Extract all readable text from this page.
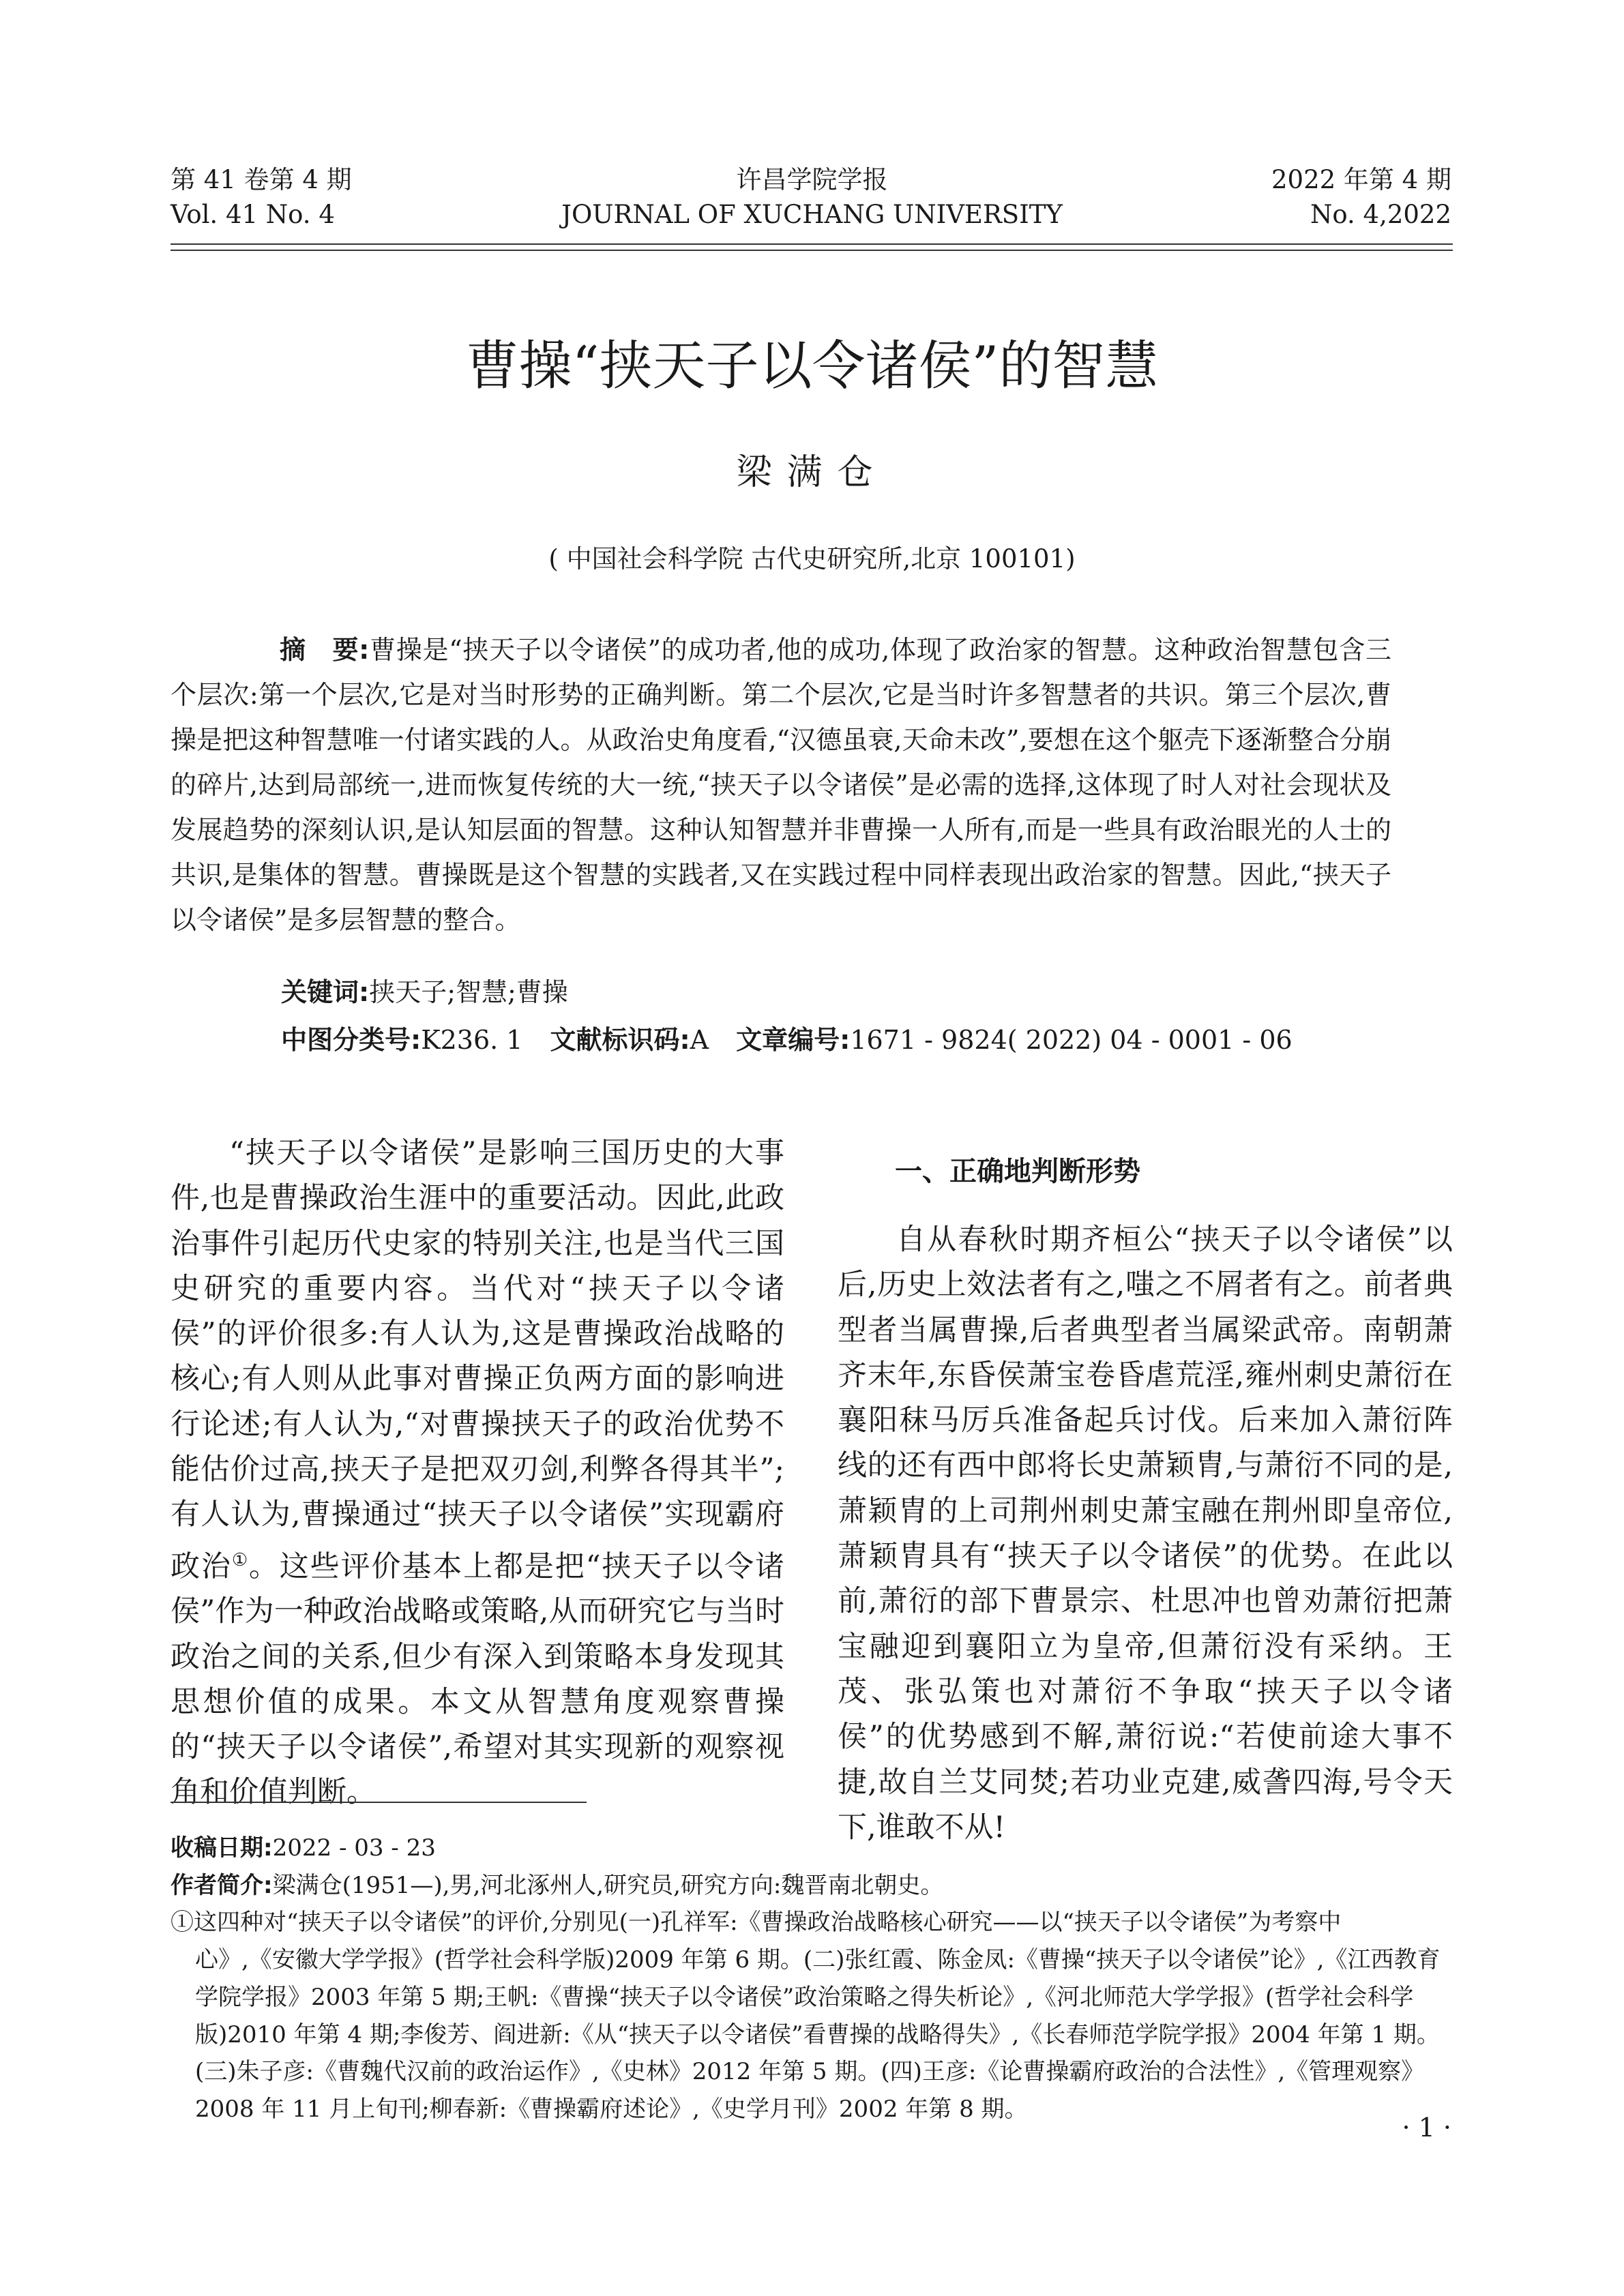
第 41 卷第 4 期
Vol. 41 No. 4
许昌学院学报
JOURNAL OF XUCHANG UNIVERSITY
2022 年第 4 期
No. 4,2022
曹操“挟天子以令诸侯”的智慧
梁满仓
( 中国社会科学院 古代史研究所,北京 100101)
摘　要:曹操是“挟天子以令诸侯”的成功者,他的成功,体现了政治家的智慧。这种政治智慧包含三个层次:第一个层次,它是对当时形势的正确判断。第二个层次,它是当时许多智慧者的共识。第三个层次,曹操是把这种智慧唯一付诸实践的人。从政治史角度看,“汉德虽衰,天命未改”,要想在这个躯壳下逐渐整合分崩的碎片,达到局部统一,进而恢复传统的大一统,“挟天子以令诸侯”是必需的选择,这体现了时人对社会现状及发展趋势的深刻认识,是认知层面的智慧。这种认知智慧并非曹操一人所有,而是一些具有政治眼光的人士的共识,是集体的智慧。曹操既是这个智慧的实践者,又在实践过程中同样表现出政治家的智慧。因此,“挟天子以令诸侯”是多层智慧的整合。
关键词:挟天子;智慧;曹操
中图分类号:K236. 1 文献标识码:A 文章编号:1671 - 9824( 2022) 04 - 0001 - 06

“挟天子以令诸侯”是影响三国历史的大事件,也是曹操政治生涯中的重要活动。因此,此政治事件引起历代史家的特别关注,也是当代三国史研究的重要内容。当代对“挟天子以令诸侯”的评价很多:有人认为,这是曹操政治战略的核心;有人则从此事对曹操正负两方面的影响进行论述;有人认为,“对曹操挟天子的政治优势不能估价过高,挟天子是把双刃剑,利弊各得其半”;有人认为,曹操通过“挟天子以令诸侯”实现霸府政治①。这些评价基本上都是把“挟天子以令诸侯”作为一种政治战略或策略,从而研究它与当时政治之间的关系,但少有深入到策略本身发现其思想价值的成果。本文从智慧角度观察曹操的“挟天子以令诸侯”,希望对其实现新的观察视角和价值判断。

一、正确地判断形势

自从春秋时期齐桓公“挟天子以令诸侯”以后,历史上效法者有之,嗤之不屑者有之。前者典型者当属曹操,后者典型者当属梁武帝。南朝萧齐末年,东昏侯萧宝卷昏虐荒淫,雍州刺史萧衍在襄阳秣马厉兵准备起兵讨伐。后来加入萧衍阵线的还有西中郎将长史萧颖胄,与萧衍不同的是,萧颖胄的上司荆州刺史萧宝融在荆州即皇帝位,萧颖胄具有“挟天子以令诸侯”的优势。在此以前,萧衍的部下曹景宗、杜思冲也曾劝萧衍把萧宝融迎到襄阳立为皇帝,但萧衍没有采纳。王茂、张弘策也对萧衍不争取“挟天子以令诸侯”的优势感到不解,萧衍说:“若使前途大事不捷,故自兰艾同焚;若功业克建,威詟四海,号令天下,谁敢不从!

收稿日期:2022 - 03 - 23
作者简介:梁满仓(1951—),男,河北涿州人,研究员,研究方向:魏晋南北朝史。
①这四种对“挟天子以令诸侯”的评价,分别见(一)孔祥军:《曹操政治战略核心研究——以“挟天子以令诸侯”为考察中
心》,《安徽大学学报》(哲学社会科学版)2009 年第 6 期。(二)张红霞、陈金凤:《曹操“挟天子以令诸侯”论》,《江西教育
学院学报》2003 年第 5 期;王帆:《曹操“挟天子以令诸侯”政治策略之得失析论》,《河北师范大学学报》(哲学社会科学
版)2010 年第 4 期;李俊芳、阎进新:《从“挟天子以令诸侯”看曹操的战略得失》,《长春师范学院学报》2004 年第 1 期。
(三)朱子彦:《曹魏代汉前的政治运作》,《史林》2012 年第 5 期。(四)王彦:《论曹操霸府政治的合法性》,《管理观察》
2008 年 11 月上旬刊;柳春新:《曹操霸府述论》,《史学月刊》2002 年第 8 期。
· 1 ·
